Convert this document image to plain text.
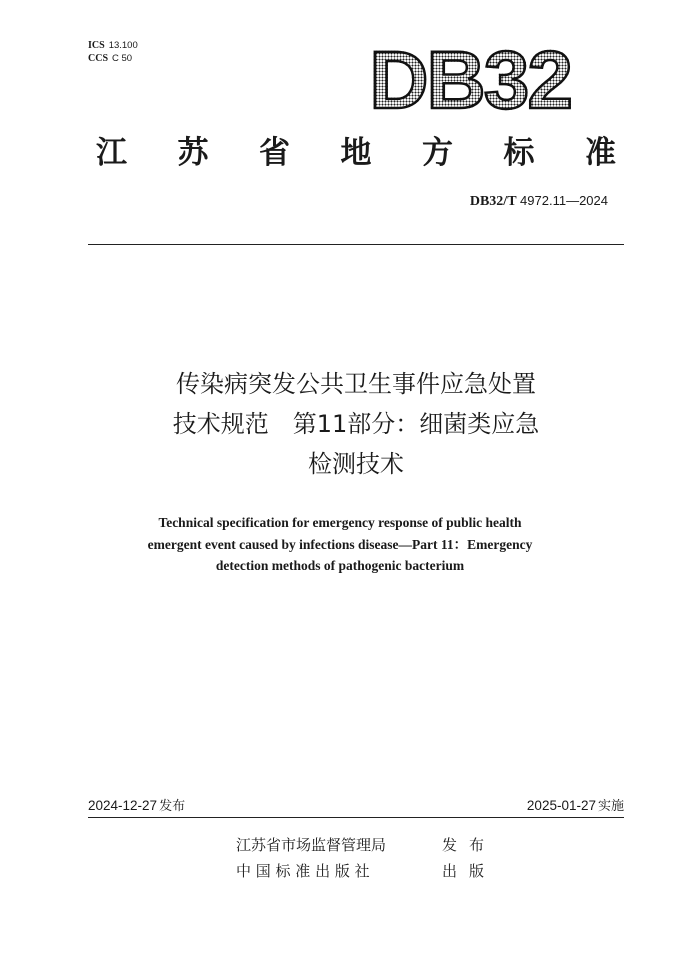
ICS 13.100
CCS C 50	DB32
江 苏 省 地 方 标 准
DB32/T 4972.11—2024
传染病突发公共卫生事件应急处置
技术规范　第11部分：细菌类应急
检测技术
Technical specification for emergency response of public health
emergent event caused by infections disease—Part 11：Emergency
detection methods of pathogenic bacterium
2024-12-27 发布	2025-01-27 实施
江苏省市场监督管理局	发布
中 国 标 准 出 版 社	出版
